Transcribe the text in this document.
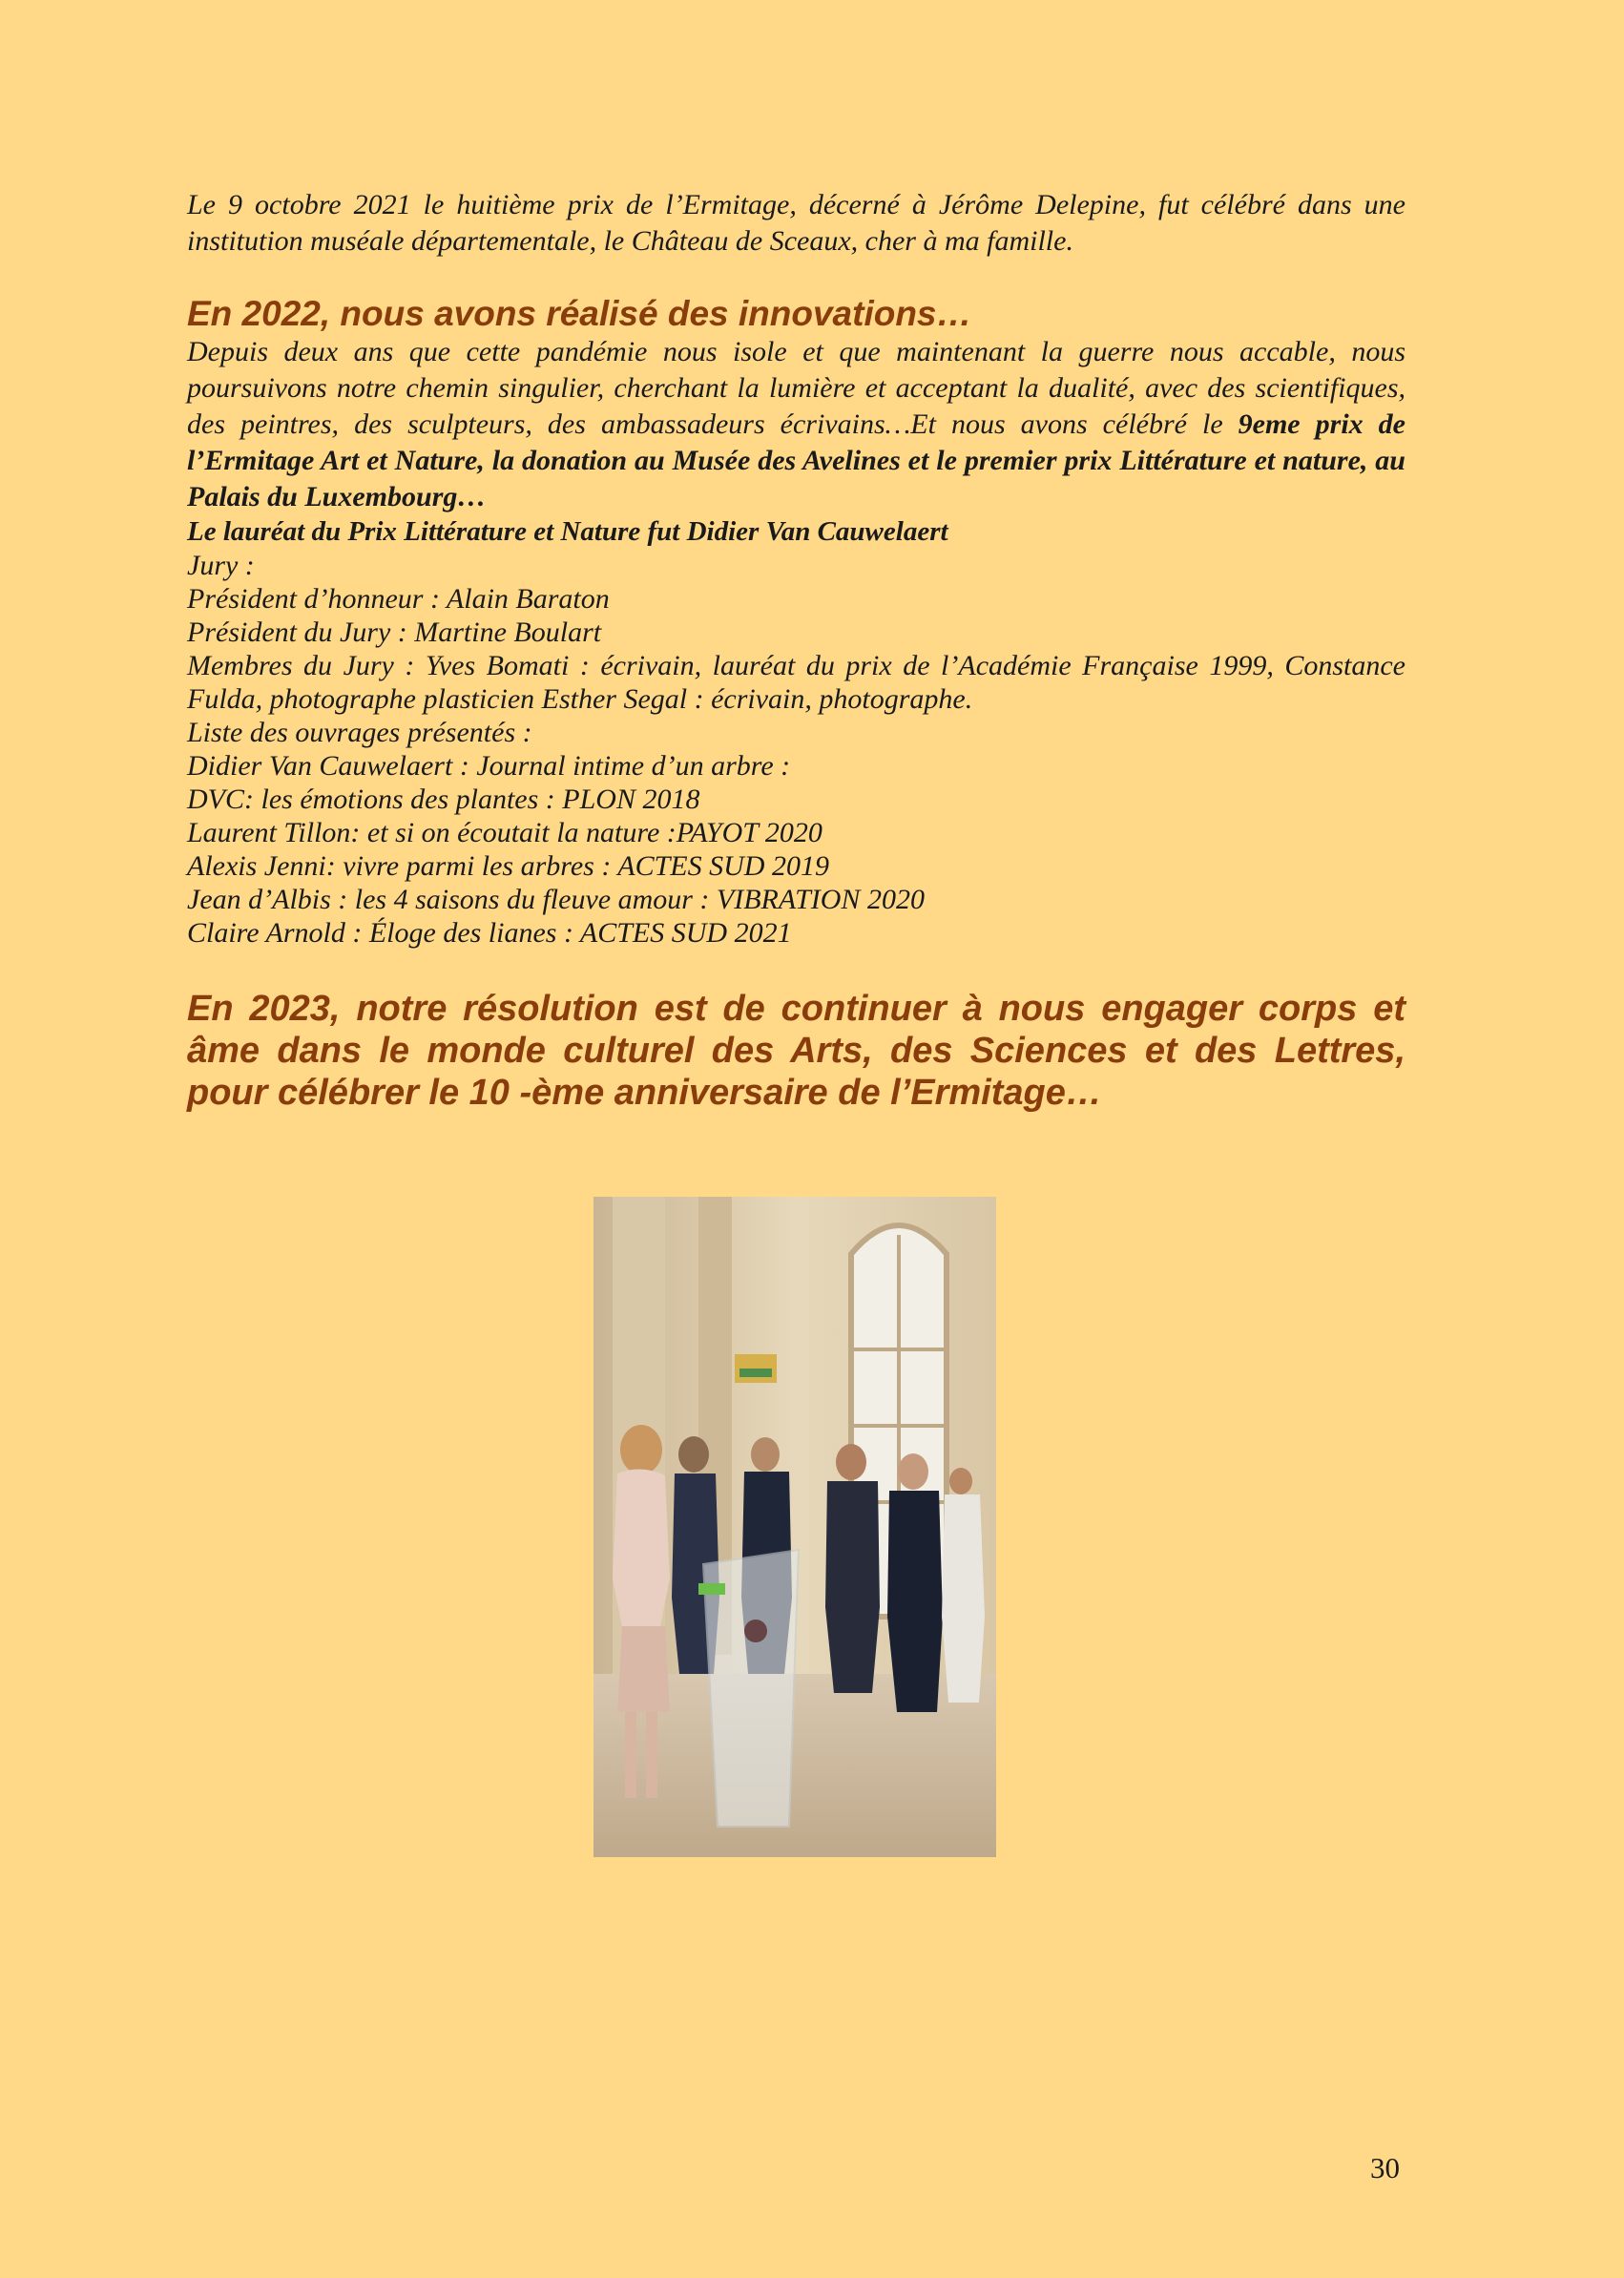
Le 9 octobre 2021 le huitième prix de l’Ermitage, décerné à Jérôme Delepine, fut célébré dans une institution muséale départementale, le Château de Sceaux, cher à ma famille.

En 2022, nous avons réalisé des innovations…

Depuis deux ans que cette pandémie nous isole et que maintenant la guerre nous accable, nous poursuivons notre chemin singulier, cherchant la lumière et acceptant la dualité, avec des scientifiques, des peintres, des sculpteurs, des ambassadeurs écrivains…Et nous avons célébré le 9eme prix de l’Ermitage Art et Nature, la donation au Musée des Avelines et le premier prix Littérature et nature, au Palais du Luxembourg…

Le lauréat du Prix Littérature et Nature fut Didier Van Cauwelaert

Jury :

Président d’honneur : Alain Baraton

Président du Jury : Martine Boulart

Membres du Jury : Yves Bomati : écrivain, lauréat du prix de l’Académie Française 1999, Constance Fulda, photographe plasticien Esther Segal : écrivain, photographe.

Liste des ouvrages présentés :

Didier Van Cauwelaert : Journal intime d’un arbre :

DVC: les émotions des plantes : PLON 2018

Laurent Tillon: et si on écoutait la nature :PAYOT 2020

Alexis Jenni: vivre parmi les arbres : ACTES SUD 2019

Jean d’Albis : les 4 saisons du fleuve amour : VIBRATION 2020

Claire Arnold : Éloge des lianes : ACTES SUD 2021

En 2023, notre résolution est de continuer à nous engager corps et âme dans le monde culturel des Arts, des Sciences et des Lettres, pour célébrer le 10 -ème anniversaire de l’Ermitage…

30
